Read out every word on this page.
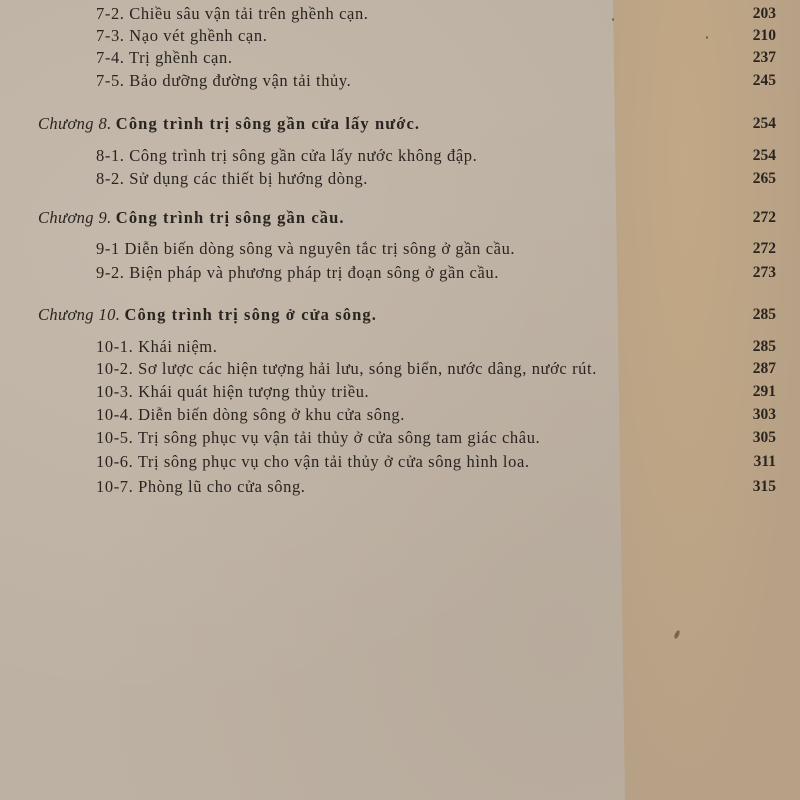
7-2. Chiều sâu vận tải trên ghềnh cạn.	203
7-3. Nạo vét ghềnh cạn.	210
7-4. Trị ghềnh cạn.	237
7-5. Bảo dưỡng đường vận tải thủy.	245
Chương 8. Công trình trị sông gần cửa lấy nước.	254
8-1. Công trình trị sông gần cửa lấy nước không đập.	254
8-2. Sử dụng các thiết bị hướng dòng.	265
Chương 9. Công trình trị sông gần cầu.	272
9-1 Diễn biến dòng sông và nguyên tắc trị sông ở gần cầu.	272
9-2. Biện pháp và phương pháp trị đoạn sông ở gần cầu.	273
Chương 10. Công trình trị sông ở cửa sông.	285
10-1. Khái niệm.	285
10-2. Sơ lược các hiện tượng hải lưu, sóng biển, nước dâng, nước rút.	287
10-3. Khái quát hiện tượng thủy triều.	291
10-4. Diễn biến dòng sông ở khu cửa sông.	303
10-5. Trị sông phục vụ vận tải thủy ở cửa sông tam giác châu.	305
10-6. Trị sông phục vụ cho vận tải thủy ở cửa sông hình loa.	311
10-7. Phòng lũ cho cửa sông.	315
